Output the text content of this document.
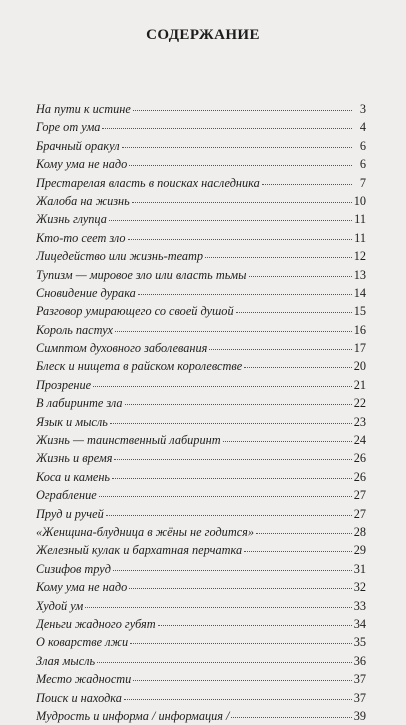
СОДЕРЖАНИЕ
На пути к истине	3
Горе от ума	4
Брачный оракул	6
Кому ума не надо	6
Престарелая власть в поисках наследника	7
Жалоба на жизнь	10
Жизнь глупца	11
Кто-то сеет зло	11
Лицедейство или жизнь-театр	12
Тупизм — мировое зло или власть тьмы	13
Сновидение дурака	14
Разговор умирающего со своей душой	15
Король пастух	16
Симптом духовного заболевания	17
Блеск и нищета в райском королевстве	20
Прозрение	21
В лабиринте зла	22
Язык и мысль	23
Жизнь — таинственный лабиринт	24
Жизнь и время	26
Коса и камень	26
Ограбление	27
Пруд и ручей	27
«Женщина-блудница в жёны не годится»	28
Железный кулак и бархатная перчатка	29
Сизифов труд	31
Кому ума не надо	32
Худой ум	33
Деньги жадного губят	34
О коварстве лжи	35
Злая мысль	36
Место жадности	37
Поиск и находка	37
Мудрость и информа / информация /	39
